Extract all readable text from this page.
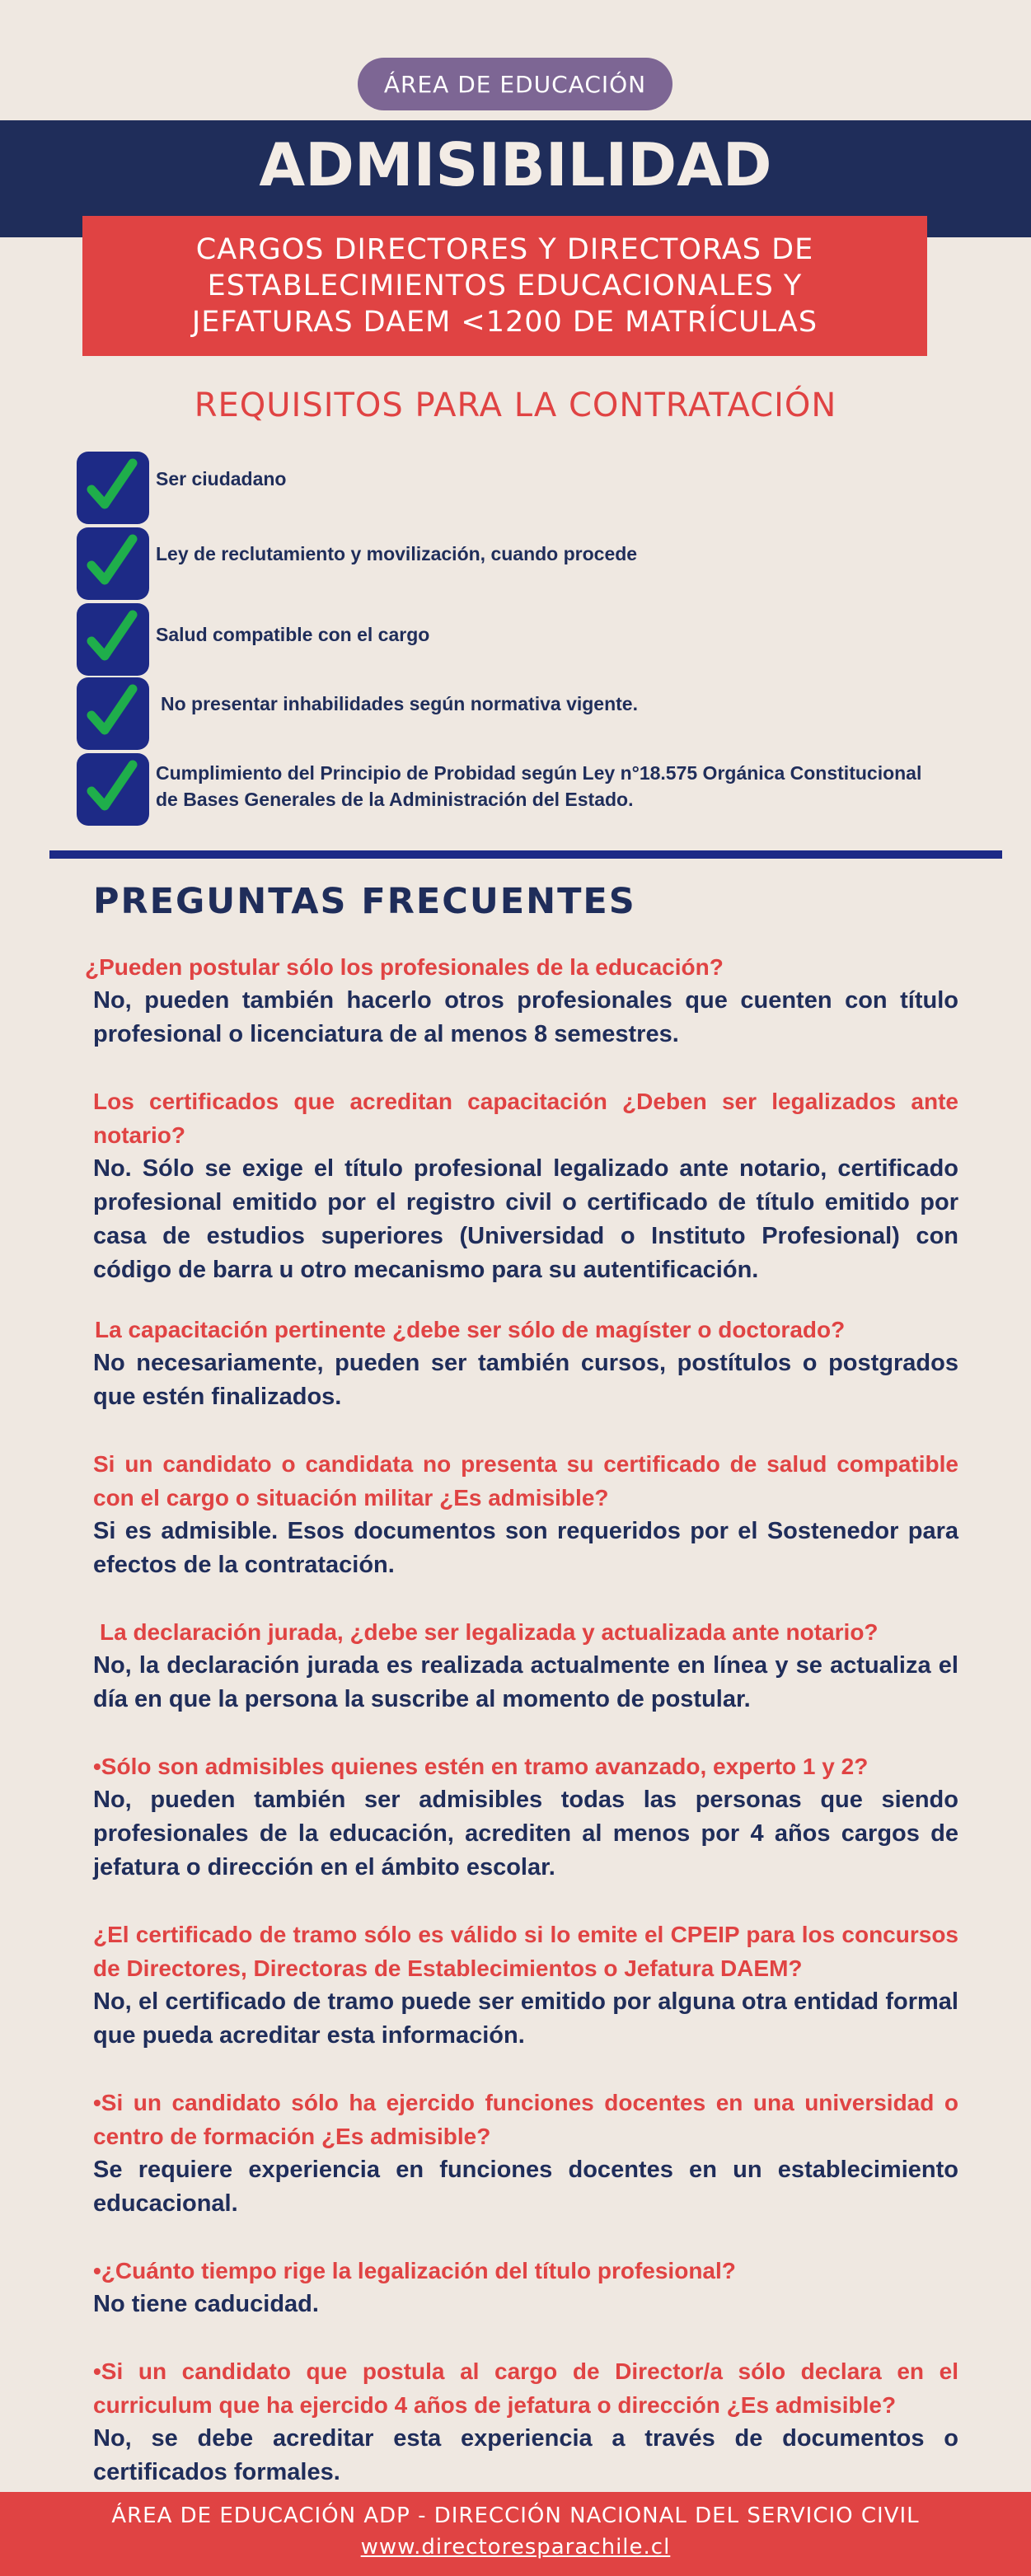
ÁREA DE EDUCACIÓN
ADMISIBILIDAD
CARGOS DIRECTORES Y DIRECTORAS DE
ESTABLECIMIENTOS EDUCACIONALES Y
JEFATURAS DAEM <1200 DE MATRÍCULAS
REQUISITOS PARA LA CONTRATACIÓN
Ser ciudadano
Ley de reclutamiento y movilización, cuando procede
Salud compatible con el cargo
No presentar inhabilidades según normativa vigente.
Cumplimiento del Principio de Probidad según Ley n°18.575 Orgánica Constitucional de Bases Generales de la Administración del Estado.
PREGUNTAS FRECUENTES
¿Pueden postular sólo los profesionales de la educación?
No, pueden también hacerlo otros profesionales que cuenten con título profesional o licenciatura de al menos 8 semestres.
Los certificados que acreditan capacitación ¿Deben ser legalizados ante notario?
No. Sólo se exige el título profesional legalizado ante notario, certificado profesional emitido por el registro civil o certificado de título emitido por casa de estudios superiores (Universidad o Instituto Profesional) con código de barra u otro mecanismo para su autentificación.
La capacitación pertinente ¿debe ser sólo de magíster o doctorado?
No necesariamente, pueden ser también cursos, postítulos o postgrados que estén finalizados.
Si un candidato o candidata no presenta su certificado de salud compatible con el cargo o situación militar ¿Es admisible?
Si es admisible. Esos documentos son requeridos por el Sostenedor para efectos de la contratación.
La declaración jurada, ¿debe ser legalizada y actualizada ante notario?
No, la declaración jurada es realizada actualmente en línea y se actualiza el día en que la persona la suscribe al momento de postular.
•Sólo son admisibles quienes estén en tramo avanzado, experto 1 y 2?
No, pueden también ser admisibles todas las personas que siendo profesionales de la educación, acrediten al menos por 4 años cargos de jefatura o dirección en el ámbito escolar.
¿El certificado de tramo sólo es válido si lo emite el CPEIP para los concursos de Directores, Directoras de Establecimientos o Jefatura DAEM?
No, el certificado de tramo puede ser emitido por alguna otra entidad formal que pueda acreditar esta información.
•Si un candidato sólo ha ejercido funciones docentes en una universidad o centro de formación ¿Es admisible?
Se requiere experiencia en funciones docentes en un establecimiento educacional.
•¿Cuánto tiempo rige la legalización del título profesional?
No tiene caducidad.
•Si un candidato que postula al cargo de Director/a sólo declara en el curriculum que ha ejercido 4 años de jefatura o dirección ¿Es admisible?
No, se debe acreditar esta experiencia a través de documentos o certificados formales.
ÁREA DE EDUCACIÓN ADP - DIRECCIÓN NACIONAL DEL SERVICIO CIVIL
www.directoresparachile.cl
